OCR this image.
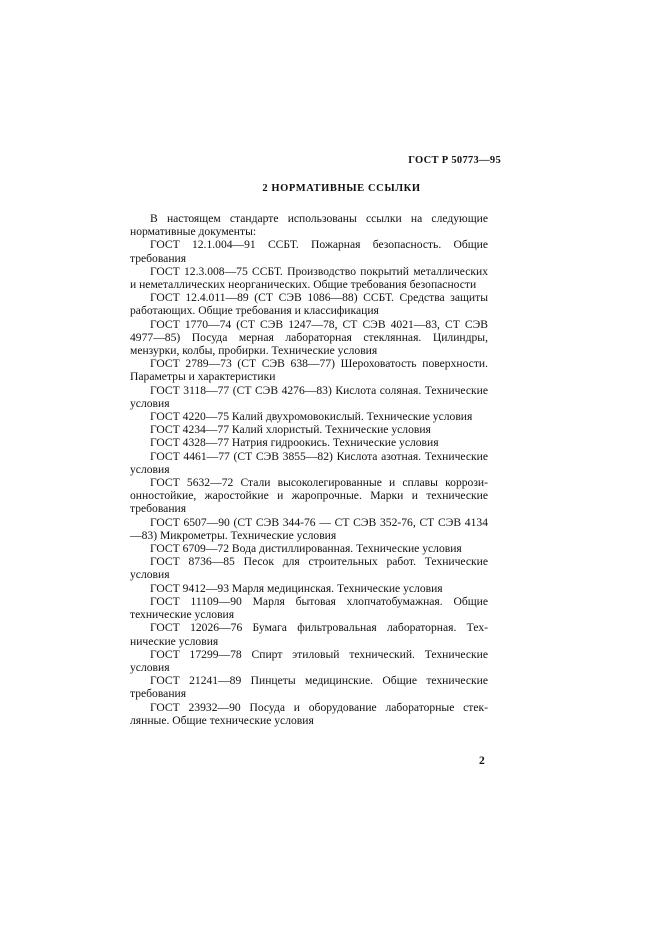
ГОСТ Р 50773—95
2 НОРМАТИВНЫЕ ССЫЛКИ

В настоящем стандарте использованы ссылки на следующие нормативные документы:

ГОСТ 12.1.004—91 ССБТ. Пожарная безопасность. Общие требования

ГОСТ 12.3.008—75 ССБТ. Производство покрытий металлических и неметаллических неорганических. Общие требования безопасности

ГОСТ 12.4.011—89 (СТ СЭВ 1086—88) ССБТ. Средства защиты работающих. Общие требования и классификация

ГОСТ 1770—74 (СТ СЭВ 1247—78, СТ СЭВ 4021—83, СТ СЭВ 4977—85) Посуда мерная лабораторная стеклянная. Цилиндры, мензурки, колбы, пробирки. Технические условия

ГОСТ 2789—73 (СТ СЭВ 638—77) Шероховатость поверхности. Параметры и характеристики

ГОСТ 3118—77 (СТ СЭВ 4276—83) Кислота соляная. Технические условия

ГОСТ 4220—75 Калий двухромовокислый. Технические условия

ГОСТ 4234—77 Калий хлористый. Технические условия

ГОСТ 4328—77 Натрия гидроокись. Технические условия

ГОСТ 4461—77 (СТ СЭВ 3855—82) Кислота азотная. Технические условия

ГОСТ 5632—72 Стали высоколегированные и сплавы коррозионностойкие, жаростойкие и жаропрочные. Марки и технические требования

ГОСТ 6507—90 (СТ СЭВ 344-76 — СТ СЭВ 352-76, СТ СЭВ 4134—83) Микрометры. Технические условия

ГОСТ 6709—72 Вода дистиллированная. Технические условия

ГОСТ 8736—85 Песок для строительных работ. Технические условия

ГОСТ 9412—93 Марля медицинская. Технические условия

ГОСТ 11109—90 Марля бытовая хлопчатобумажная. Общие технические условия

ГОСТ 12026—76 Бумага фильтровальная лабораторная. Технические условия

ГОСТ 17299—78 Спирт этиловый технический. Технические условия

ГОСТ 21241—89 Пинцеты медицинские. Общие технические требования

ГОСТ 23932—90 Посуда и оборудование лабораторные стеклянные. Общие технические условия

2
